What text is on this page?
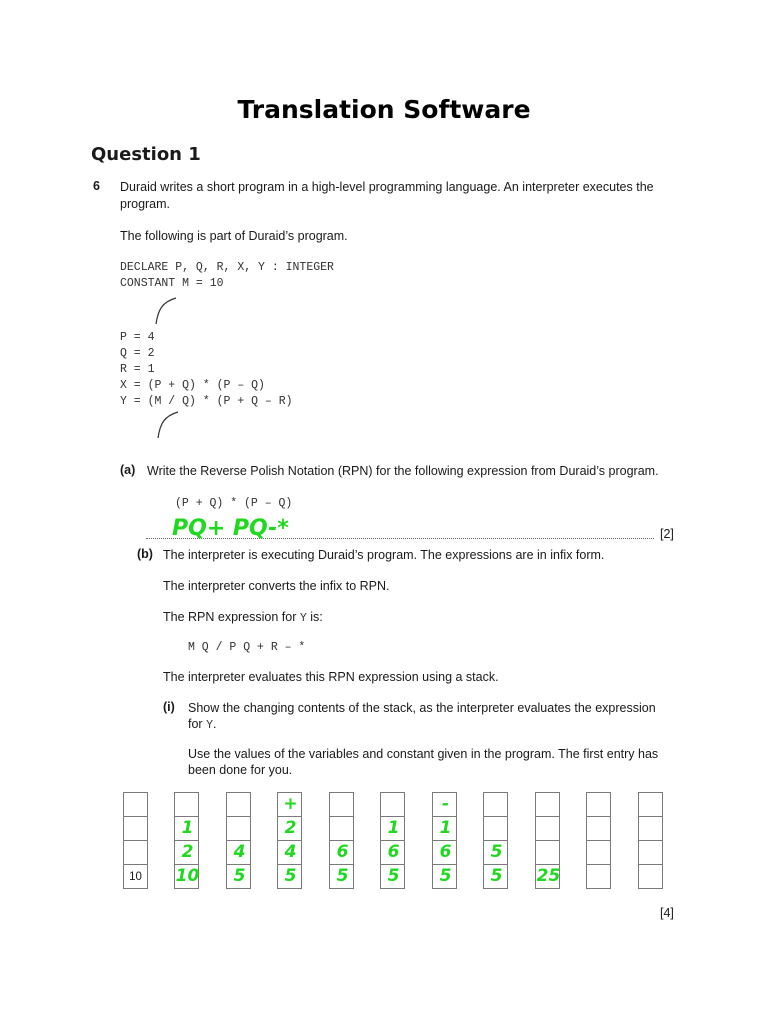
Translation Software
Question 1
6 Duraid writes a short program in a high-level programming language. An interpreter executes the
program.
The following is part of Duraid’s program.
DECLARE P, Q, R, X, Y : INTEGER
CONSTANT M = 10
P = 4
Q = 2
R = 1
X = (P + Q) * (P – Q)
Y = (M / Q) * (P + Q – R)
(a) Write the Reverse Polish Notation (RPN) for the following expression from Duraid’s program.
(P + Q) * (P – Q)
PQ+ PQ-*	[2]
(b) The interpreter is executing Duraid’s program. The expressions are in infix form.
The interpreter converts the infix to RPN.
The RPN expression for Y is:
M Q / P Q + R – *
The interpreter evaluates this RPN expression using a stack.
(i) Show the changing contents of the stack, as the interpreter evaluates the expression
for Y.
Use the values of the variables and constant given in the program. The first entry has
been done for you.
10
1
2
10
4
5
+
2
4
5
6
5
1
6
5
-
1
6
5
5
5	25
[4]
